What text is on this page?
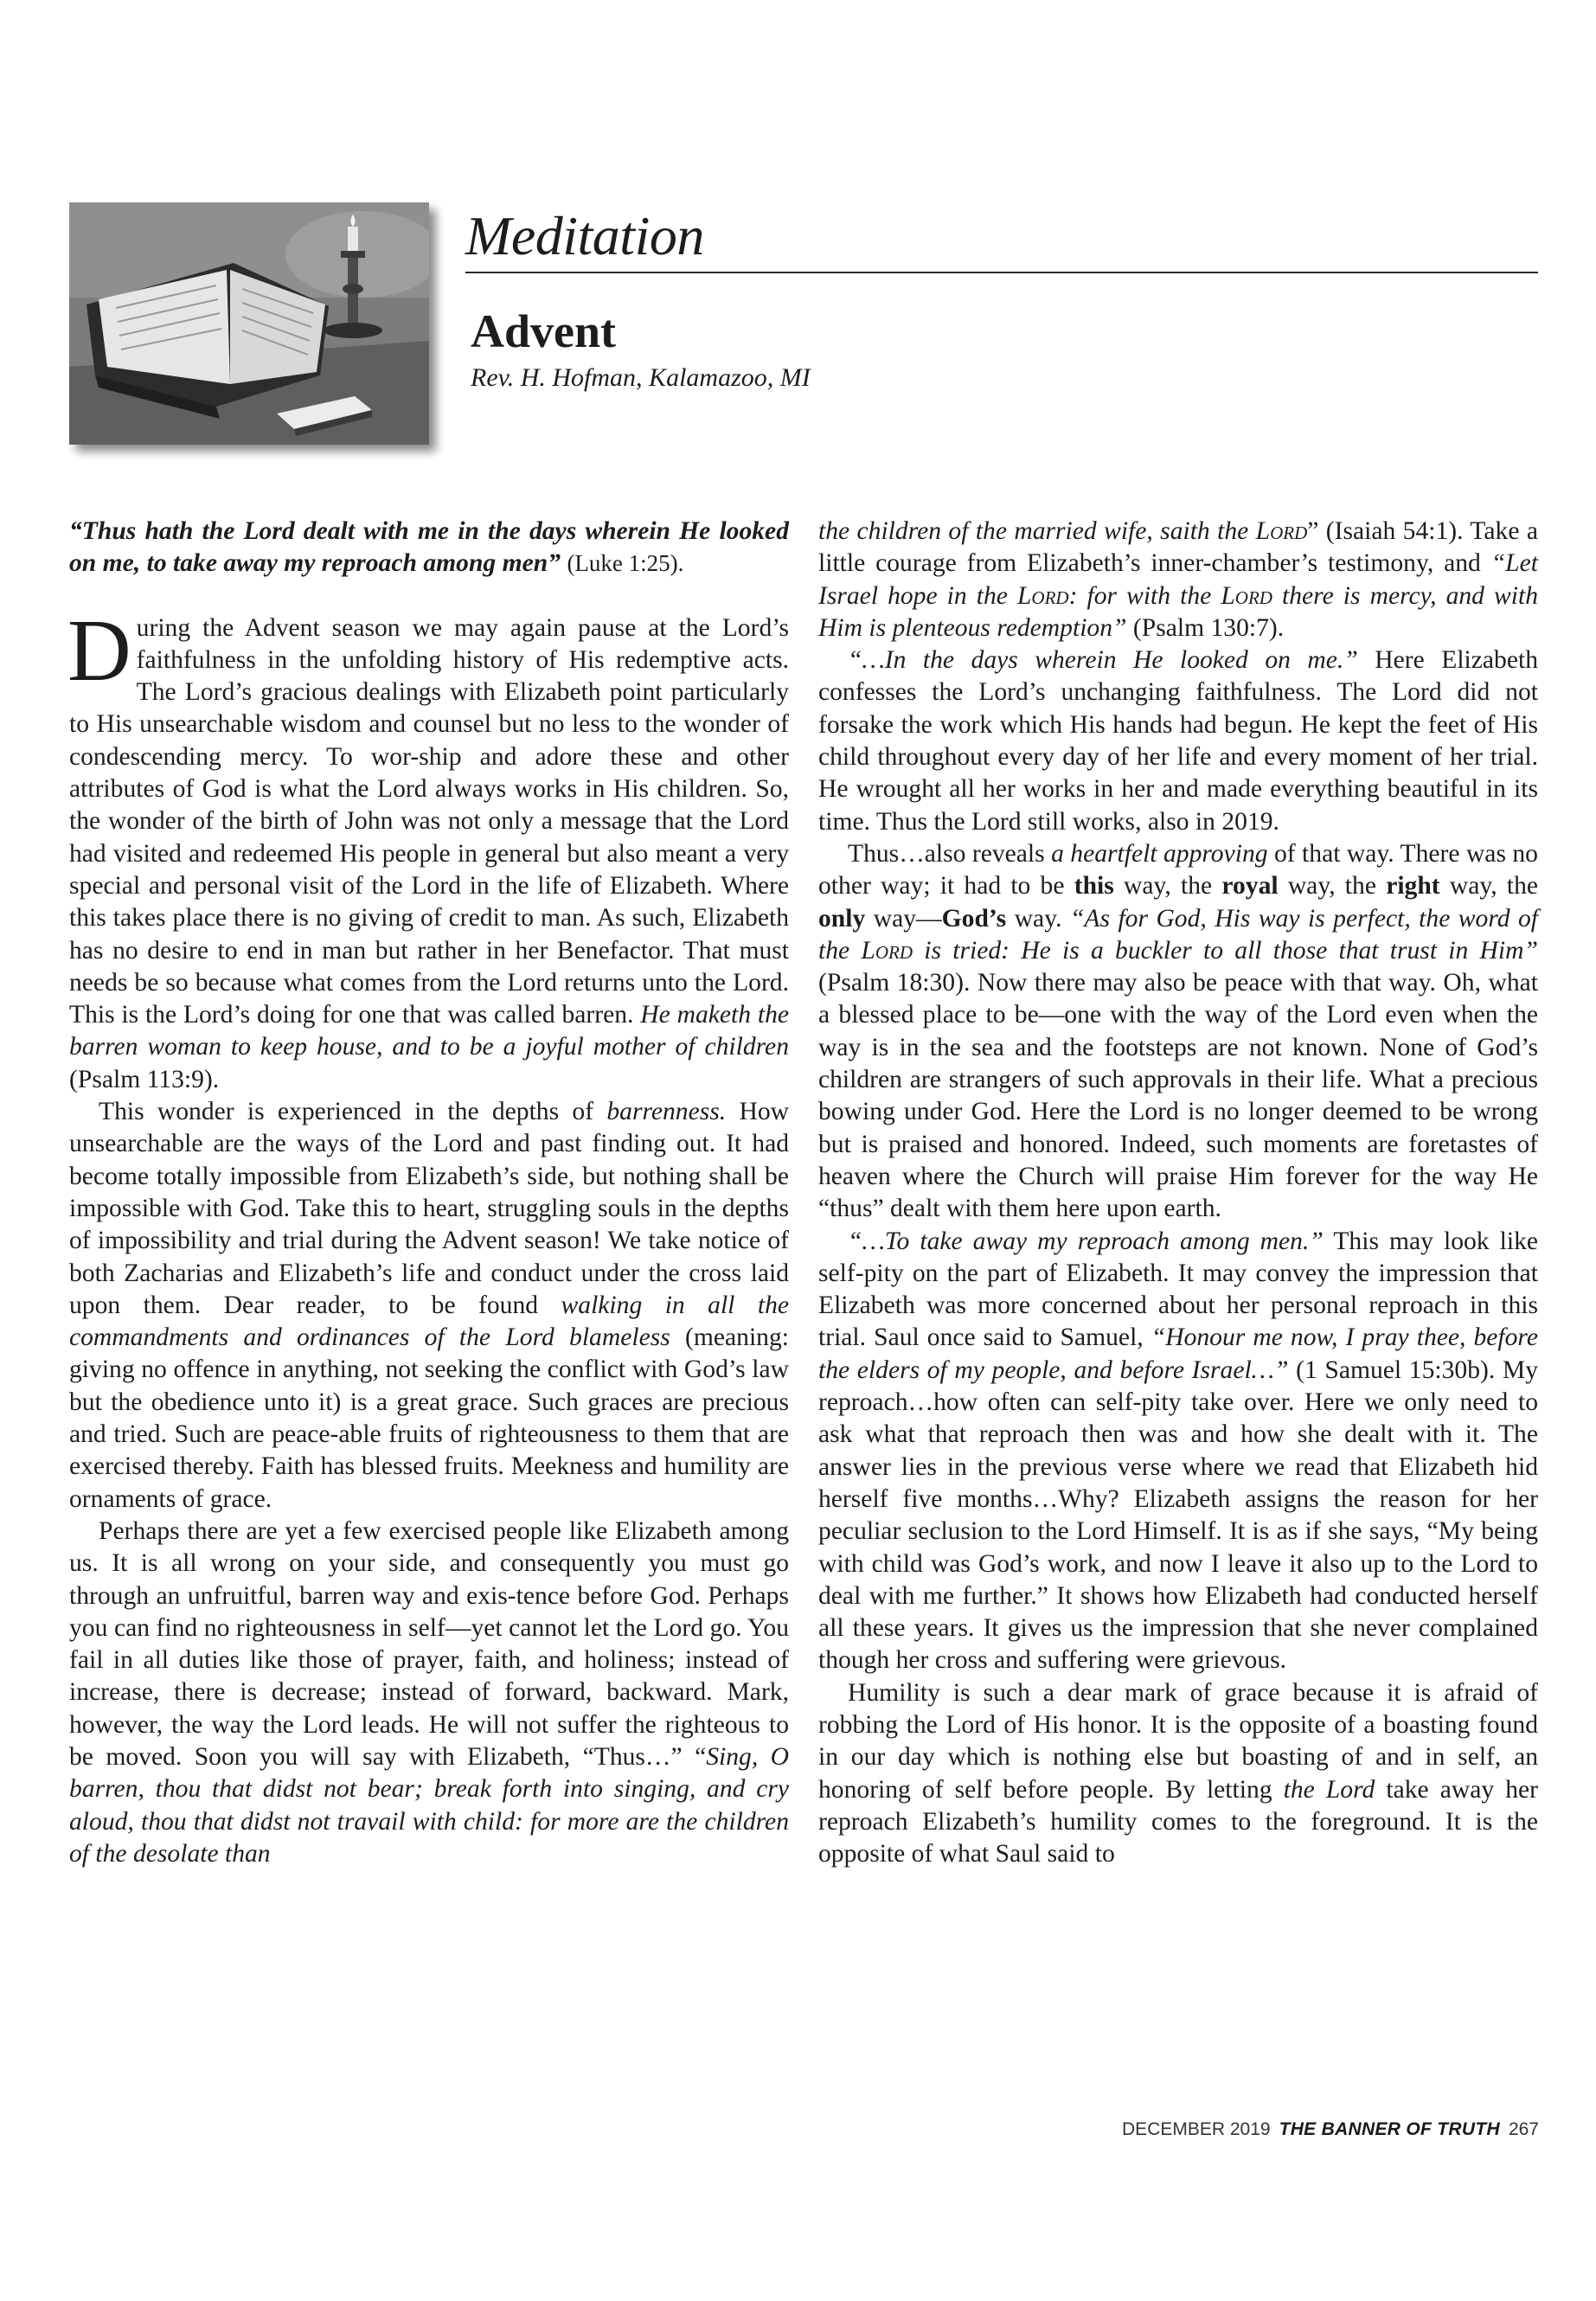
Meditation
Advent

Rev. H. Hofman, Kalamazoo, MI

“Thus hath the Lord dealt with me in the days wherein He looked on me, to take away my reproach among men” (Luke 1:25).

During the Advent season we may again pause at the Lord’s faithfulness in the unfolding history of His redemptive acts. The Lord’s gracious dealings with Elizabeth point particularly to His unsearchable wisdom and counsel but no less to the wonder of condescending mercy. To wor-ship and adore these and other attributes of God is what the Lord always works in His children. So, the wonder of the birth of John was not only a message that the Lord had visited and redeemed His people in general but also meant a very special and personal visit of the Lord in the life of Elizabeth. Where this takes place there is no giving of credit to man. As such, Elizabeth has no desire to end in man but rather in her Benefactor. That must needs be so because what comes from the Lord returns unto the Lord. This is the Lord’s doing for one that was called barren. He maketh the barren woman to keep house, and to be a joyful mother of children (Psalm 113:9).

This wonder is experienced in the depths of barrenness. How unsearchable are the ways of the Lord and past finding out. It had become totally impossible from Elizabeth’s side, but nothing shall be impossible with God. Take this to heart, struggling souls in the depths of impossibility and trial during the Advent season! We take notice of both Zacharias and Elizabeth’s life and conduct under the cross laid upon them. Dear reader, to be found walking in all the commandments and ordinances of the Lord blameless (meaning: giving no offence in anything, not seeking the conflict with God’s law but the obedience unto it) is a great grace. Such graces are precious and tried. Such are peace-able fruits of righteousness to them that are exercised thereby. Faith has blessed fruits. Meekness and humility are ornaments of grace.

Perhaps there are yet a few exercised people like Elizabeth among us. It is all wrong on your side, and consequently you must go through an unfruitful, barren way and exis-tence before God. Perhaps you can find no righteousness in self—yet cannot let the Lord go. You fail in all duties like those of prayer, faith, and holiness; instead of increase, there is decrease; instead of forward, backward. Mark, however, the way the Lord leads. He will not suffer the righteous to be moved. Soon you will say with Elizabeth, “Thus…” “Sing, O barren, thou that didst not bear; break forth into singing, and cry aloud, thou that didst not travail with child: for more are the children of the desolate than

the children of the married wife, saith the Lord” (Isaiah 54:1). Take a little courage from Elizabeth’s inner-chamber’s testimony, and “Let Israel hope in the Lord: for with the Lord there is mercy, and with Him is plenteous redemption” (Psalm 130:7).

“…In the days wherein He looked on me.” Here Elizabeth confesses the Lord’s unchanging faithfulness. The Lord did not forsake the work which His hands had begun. He kept the feet of His child throughout every day of her life and every moment of her trial. He wrought all her works in her and made everything beautiful in its time. Thus the Lord still works, also in 2019.

Thus…also reveals a heartfelt approving of that way. There was no other way; it had to be this way, the royal way, the right way, the only way—God’s way. “As for God, His way is perfect, the word of the Lord is tried: He is a buckler to all those that trust in Him” (Psalm 18:30). Now there may also be peace with that way. Oh, what a blessed place to be—one with the way of the Lord even when the way is in the sea and the footsteps are not known. None of God’s children are strangers of such approvals in their life. What a precious bowing under God. Here the Lord is no longer deemed to be wrong but is praised and honored. Indeed, such moments are foretastes of heaven where the Church will praise Him forever for the way He “thus” dealt with them here upon earth.

“…To take away my reproach among men.” This may look like self-pity on the part of Elizabeth. It may convey the impression that Elizabeth was more concerned about her personal reproach in this trial. Saul once said to Samuel, “Honour me now, I pray thee, before the elders of my people, and before Israel…” (1 Samuel 15:30b). My reproach…how often can self-pity take over. Here we only need to ask what that reproach then was and how she dealt with it. The answer lies in the previous verse where we read that Elizabeth hid herself five months…Why? Elizabeth assigns the reason for her peculiar seclusion to the Lord Himself. It is as if she says, “My being with child was God’s work, and now I leave it also up to the Lord to deal with me further.” It shows how Elizabeth had conducted herself all these years. It gives us the impression that she never complained though her cross and suffering were grievous.

Humility is such a dear mark of grace because it is afraid of robbing the Lord of His honor. It is the opposite of a boasting found in our day which is nothing else but boasting of and in self, an honoring of self before people. By letting the Lord take away her reproach Elizabeth’s humility comes to the foreground. It is the opposite of what Saul said to

DECEMBER 2019 THE BANNER OF TRUTH 267
